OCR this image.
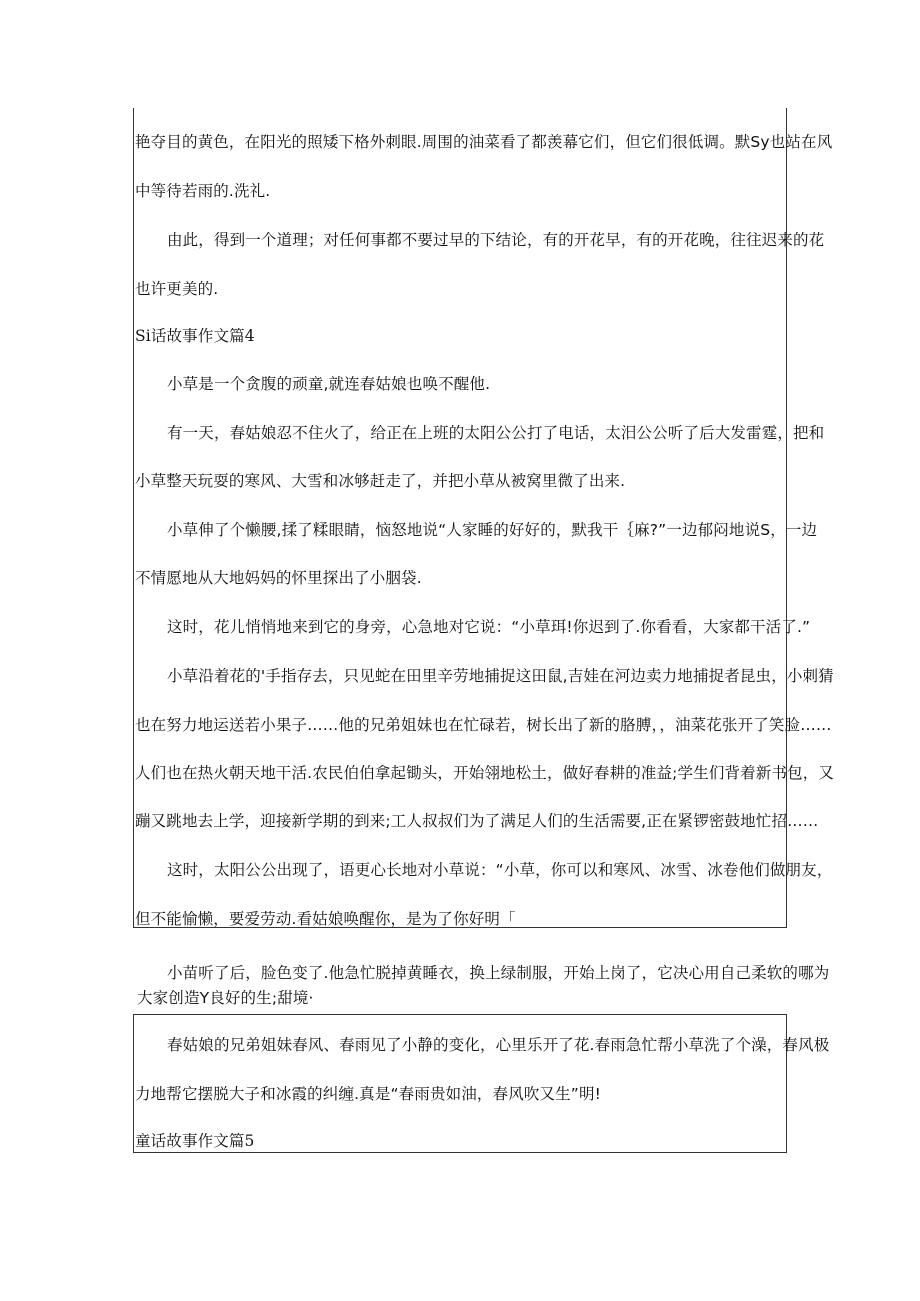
艳夺目的黄色，在阳光的照矮下格外刺眼.周围的油菜看了都羡幕它们，但它们很低调。默Sy也站在风
中等待若雨的.洗礼.
由此，得到一个道理；对任何事都不要过早的下结论，有的开花早，有的开花晚，往往迟来的花
也许更美的.
Si话故事作文篇4
小草是一个贪腹的顽童,就连春姑娘也唤不醒他.
有一天，春姑娘忍不住火了，给正在上班的太阳公公打了电话，太汨公公听了后大发雷霆，把和
小草整天玩耍的寒风、大雪和冰够赶走了，并把小草从被窝里微了出来.
小草伸了个懒腰,揉了糅眼睛，恼怒地说“人家睡的好好的，默我干｛麻?”一边郁闷地说S，一边
不情愿地从大地妈妈的怀里探出了小胭袋.
这时，花儿悄悄地来到它的身旁，心急地对它说：“小草珥!你迟到了.你看看，大家都干活了.”
小草沿着花的'手指存去，只见蛇在田里辛劳地捕捉这田鼠,吉娃在河边卖力地捕捉者昆虫，小刺猜
也在努力地运送若小果子……他的兄弟姐妹也在忙碌若，树长出了新的胳膊，，油菜花张开了笑脸……
人们也在热火朝天地干活.农民伯伯拿起锄头，开始翎地松土，做好春耕的准益;学生们背着新书包，又
蹦又跳地去上学，迎接新学期的到来;工人叔叔们为了满足人们的生活需要,正在紧锣密鼓地忙招……
这时，太阳公公出现了，语更心长地对小草说：“小草，你可以和寒风、冰雪、冰卷他们做朋友，
但不能愉懒，要爱劳动.看姑娘唤醒你，是为了你好明「
小苗听了后，脸色变了.他急忙脱掉黄睡衣，换上绿制服，开始上岗了，它决心用自己柔软的哪为
大家创造Y良好的生;甜境·
春姑娘的兄弟姐妹春风、春雨见了小静的变化，心里乐开了花.春雨急忙帮小草洗了个澡，春风极
力地帮它摆脱大子和冰霞的纠缠.真是“春雨贵如油，春风吹又生”明!
童话故事作文篇5
